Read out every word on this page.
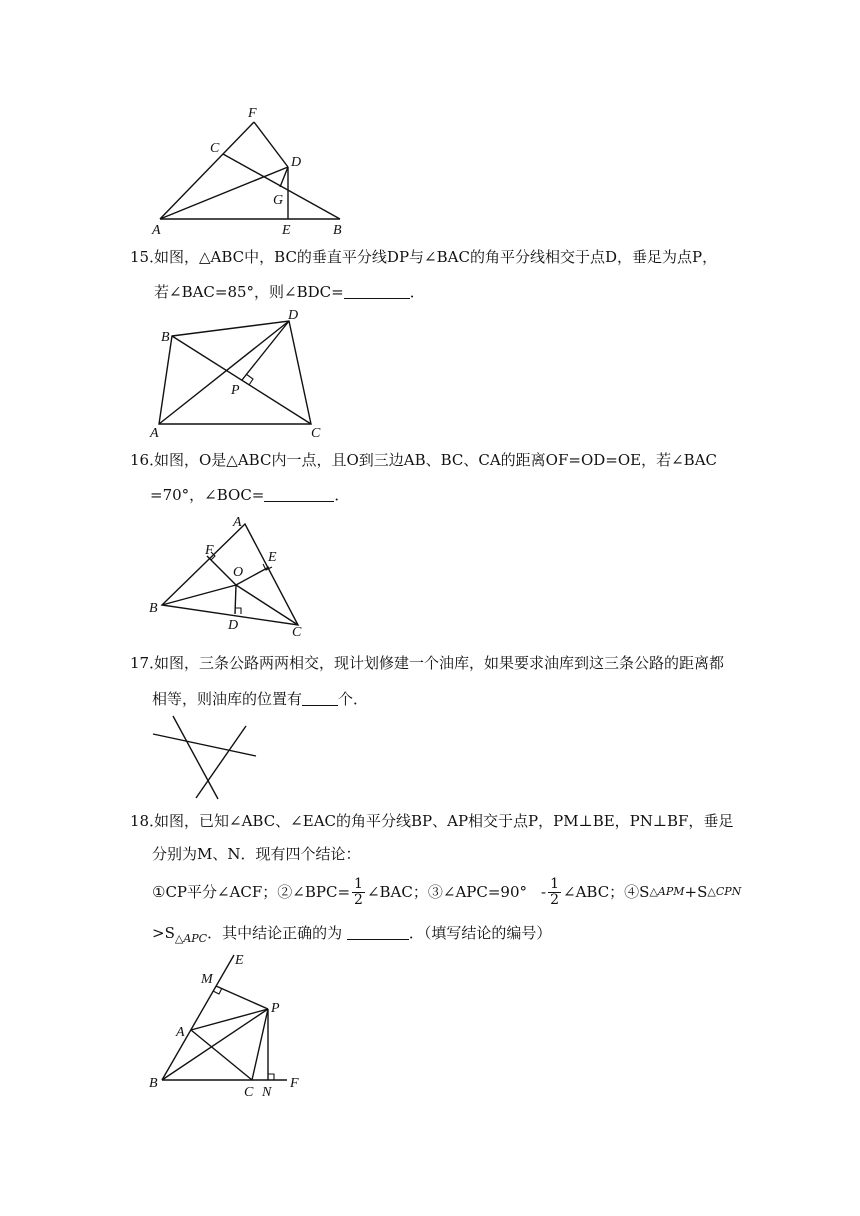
F
C
D
G
A	E	B
15．如图，△ABC中，BC的垂直平分线DP与∠BAC的角平分线相交于点D，垂足为点P，
若∠BAC=85°，则∠BDC=	．
B
D
P
A	C
16．如图，O是△ABC内一点，且O到三边AB、BC、CA的距离OF=OD=OE，若∠BAC
=70°，∠BOC=	．
A
F	E
O
B
D	C
17．如图，三条公路两两相交，现计划修建一个油库，如果要求油库到这三条公路的距离都
相等，则油库的位置有 个．
18．如图，已知∠ABC、∠EAC的角平分线BP、AP相交于点P，PM⊥BE，PN⊥BF，垂足
分别为M、N．现有四个结论：
①CP平分∠ACF；②∠BPC= $\frac{1}{2}$ ∠BAC；③∠APC=90° - $\frac{1}{2}$ ∠ABC；④S △APM +S △CPN
$>S_{\triangle APC}$．其中结论正确的为	．（填写结论的编号）
E
M
P
A
B
C N
F
